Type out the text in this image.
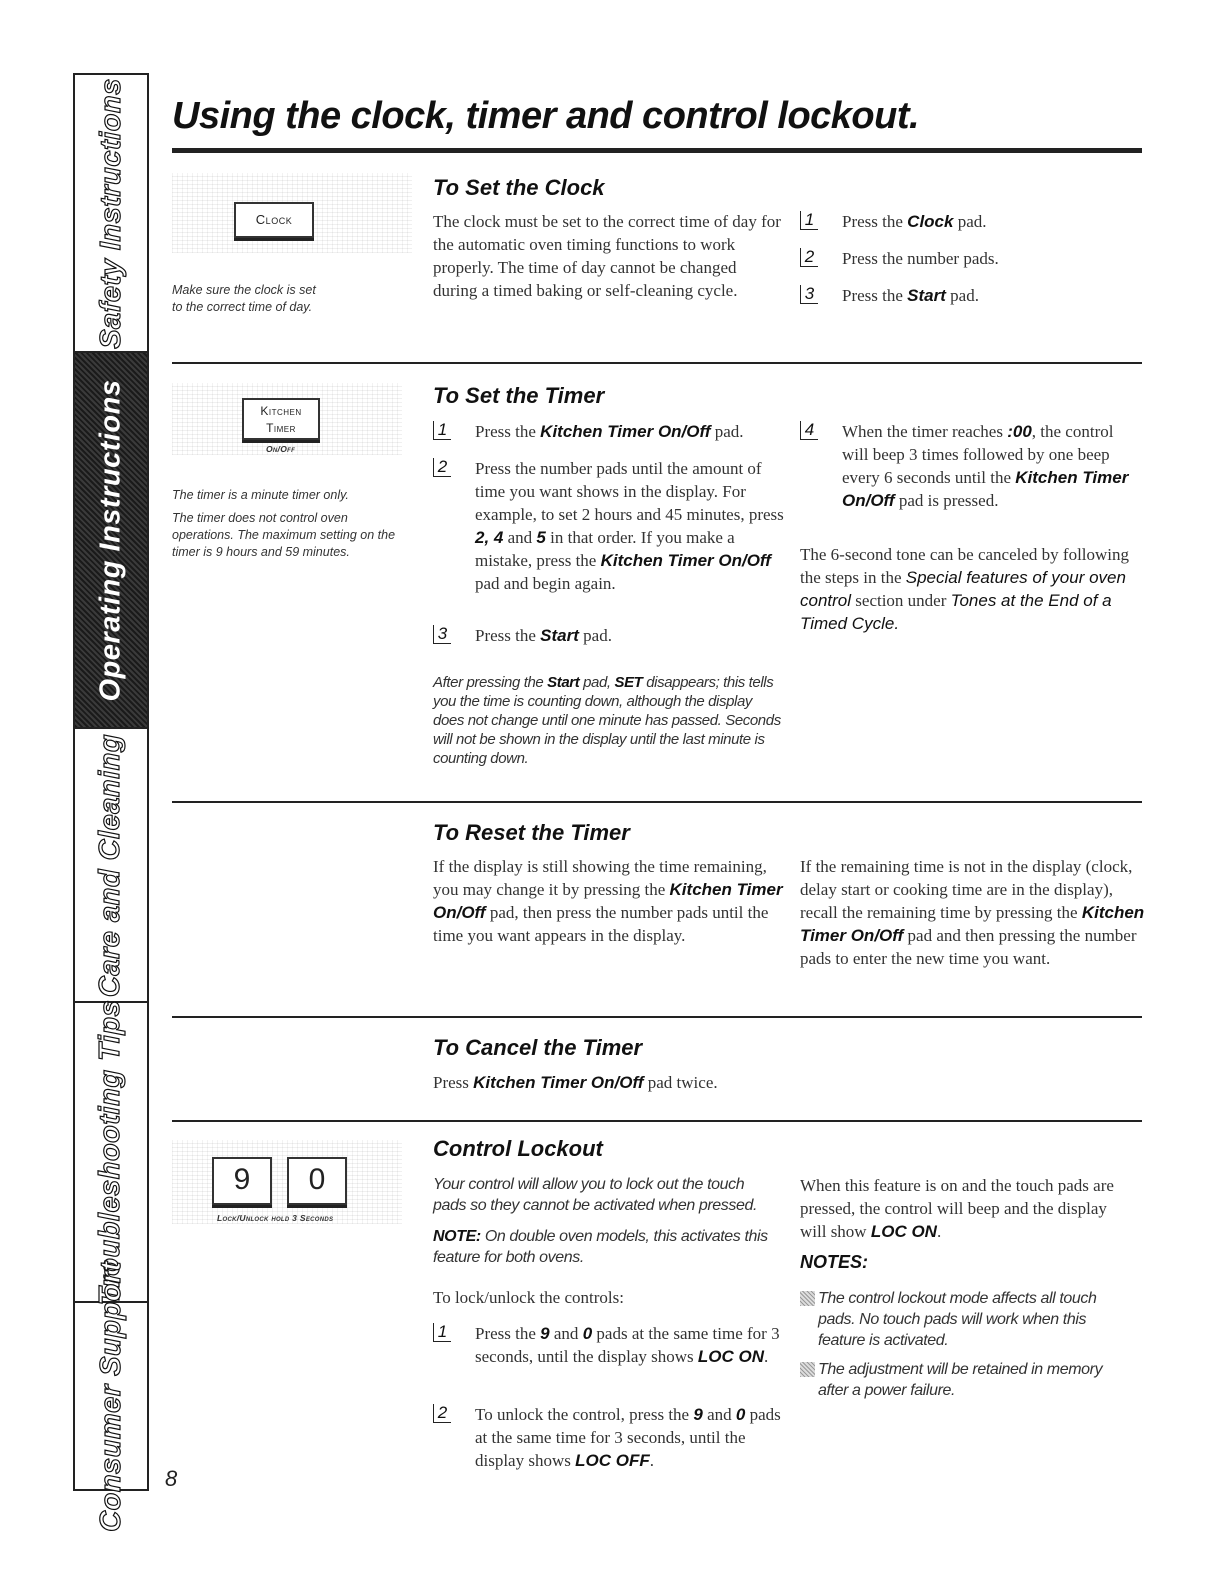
Safety Instructions
Operating Instructions
Care and Cleaning
Troubleshooting Tips
Consumer Support
Using the clock, timer and control lockout.
Clock

Make sure the clock is set
to the correct time of day.

To Set the Clock

The clock must be set to the correct time of day for the automatic oven timing functions to work properly. The time of day cannot be changed during a timed baking or self-cleaning cycle.

1 Press the Clock pad.

2 Press the number pads.

3 Press the Start pad.

Kitchen
Timer
On/Off

The timer is a minute timer only.

The timer does not control oven operations. The maximum setting on the timer is 9 hours and 59 minutes.

To Set the Timer

1 Press the Kitchen Timer On/Off pad.

2 Press the number pads until the amount of time you want shows in the display. For example, to set 2 hours and 45 minutes, press 2, 4 and 5 in that order. If you make a mistake, press the Kitchen Timer On/Off pad and begin again.

3 Press the Start pad.

After pressing the Start pad, SET disappears; this tells you the time is counting down, although the display does not change until one minute has passed. Seconds will not be shown in the display until the last minute is counting down.

4 When the timer reaches :00, the control will beep 3 times followed by one beep every 6 seconds until the Kitchen Timer On/Off pad is pressed.

The 6-second tone can be canceled by following the steps in the Special features of your oven control section under Tones at the End of a Timed Cycle.

To Reset the Timer

If the display is still showing the time remaining, you may change it by pressing the Kitchen Timer On/Off pad, then press the number pads until the time you want appears in the display.

If the remaining time is not in the display (clock, delay start or cooking time are in the display), recall the remaining time by pressing the Kitchen Timer On/Off pad and then pressing the number pads to enter the new time you want.

To Cancel the Timer

Press Kitchen Timer On/Off pad twice.

9	0
Lock/Unlock hold 3 Seconds
Control Lockout

Your control will allow you to lock out the touch pads so they cannot be activated when pressed.

NOTE: On double oven models, this activates this feature for both ovens.

To lock/unlock the controls:

1 Press the 9 and 0 pads at the same time for 3 seconds, until the display shows LOC ON.

2 To unlock the control, press the 9 and 0 pads at the same time for 3 seconds, until the display shows LOC OFF.

When this feature is on and the touch pads are pressed, the control will beep and the display will show LOC ON.

NOTES:

The control lockout mode affects all touch pads. No touch pads will work when this feature is activated.

The adjustment will be retained in memory after a power failure.

8
